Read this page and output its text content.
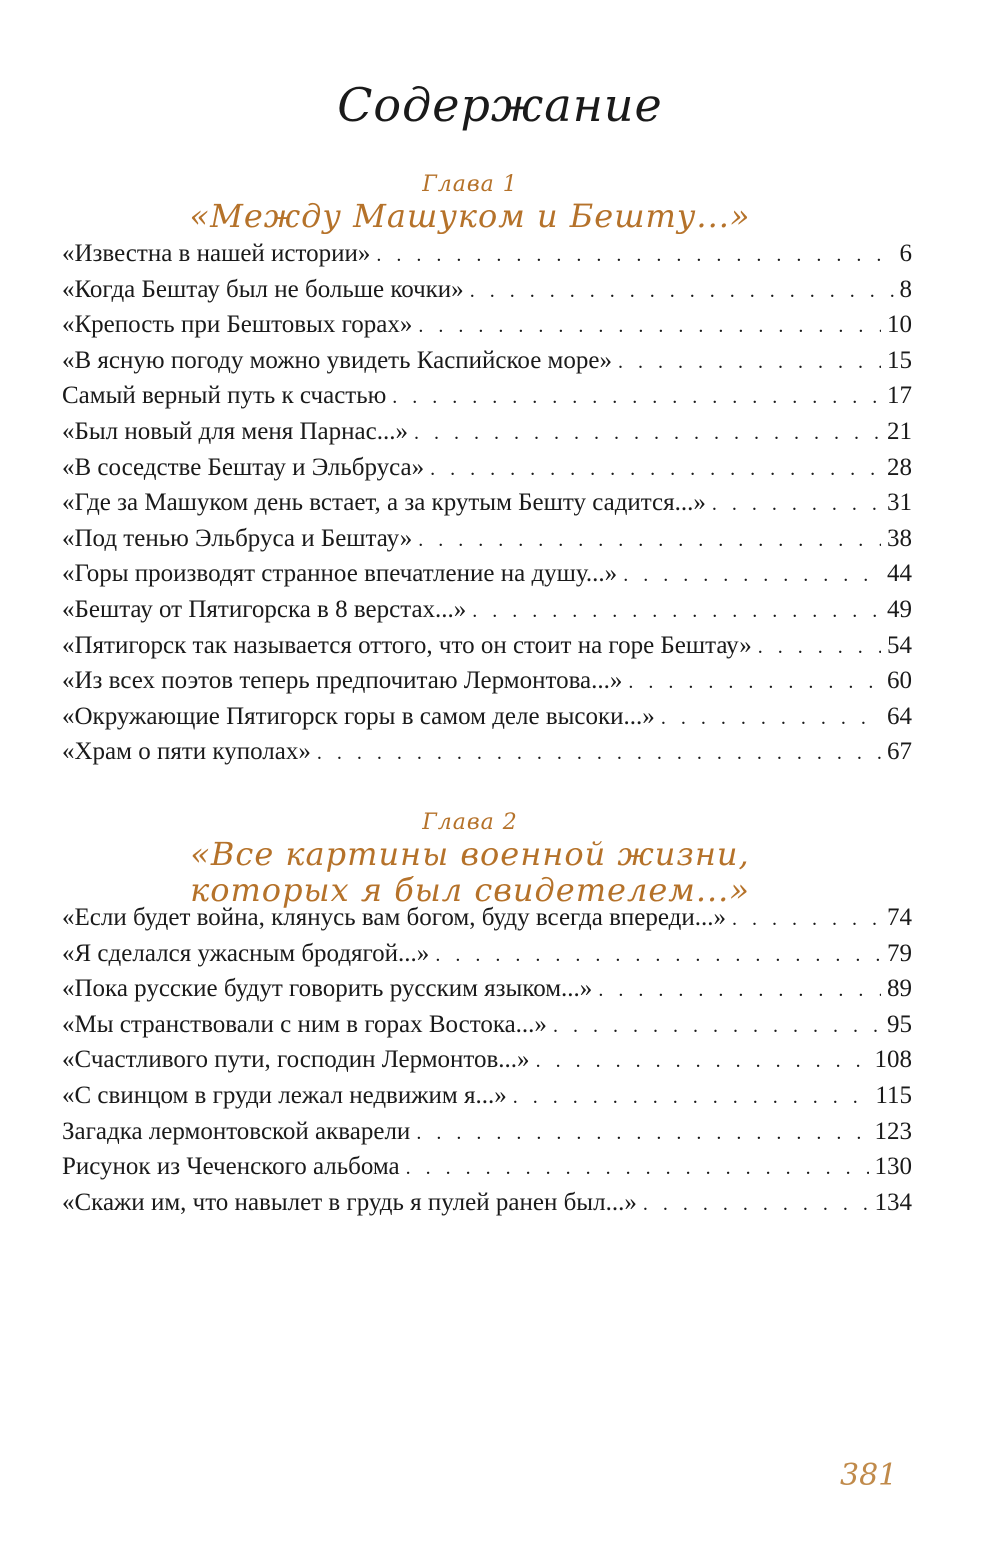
Содержание
Глава 1
«Между Машуком и Бешту...»
«Известна в нашей истории» . . .	6
«Когда Бештау был не больше кочки» . . .	8
«Крепость при Бештовых горах» . . .	10
«В ясную погоду можно увидеть Каспийское море» . . .	15
Самый верный путь к счастью . . .	17
«Был новый для меня Парнас...» . . .	21
«В соседстве Бештау и Эльбруса» . . .	28
«Где за Машуком день встает, а за крутым Бешту садится...» . . .	31
«Под тенью Эльбруса и Бештау» . . .	38
«Горы производят странное впечатление на душу...» . . .	44
«Бештау от Пятигорска в 8 верстах...» . . .	49
«Пятигорск так называется оттого, что он стоит на горе Бештау» . . .	54
«Из всех поэтов теперь предпочитаю Лермонтова...» . . .	60
«Окружающие Пятигорск горы в самом деле высоки...» . . .	64
«Храм о пяти куполах» . . .	67
Глава 2
«Все картины военной жизни,
которых я был свидетелем...»
«Если будет война, клянусь вам богом, буду всегда впереди...» . . .	74
«Я сделался ужасным бродягой...» . . .	79
«Пока русские будут говорить русским языком...» . . .	89
«Мы странствовали с ним в горах Востока...» . . .	95
«Счастливого пути, господин Лермонтов...» . . .	108
«С свинцом в груди лежал недвижим я...» . . .	115
Загадка лермонтовской акварели . . .	123
Рисунок из Чеченского альбома . . .	130
«Скажи им, что навылет в грудь я пулей ранен был...» . . .	134
381
